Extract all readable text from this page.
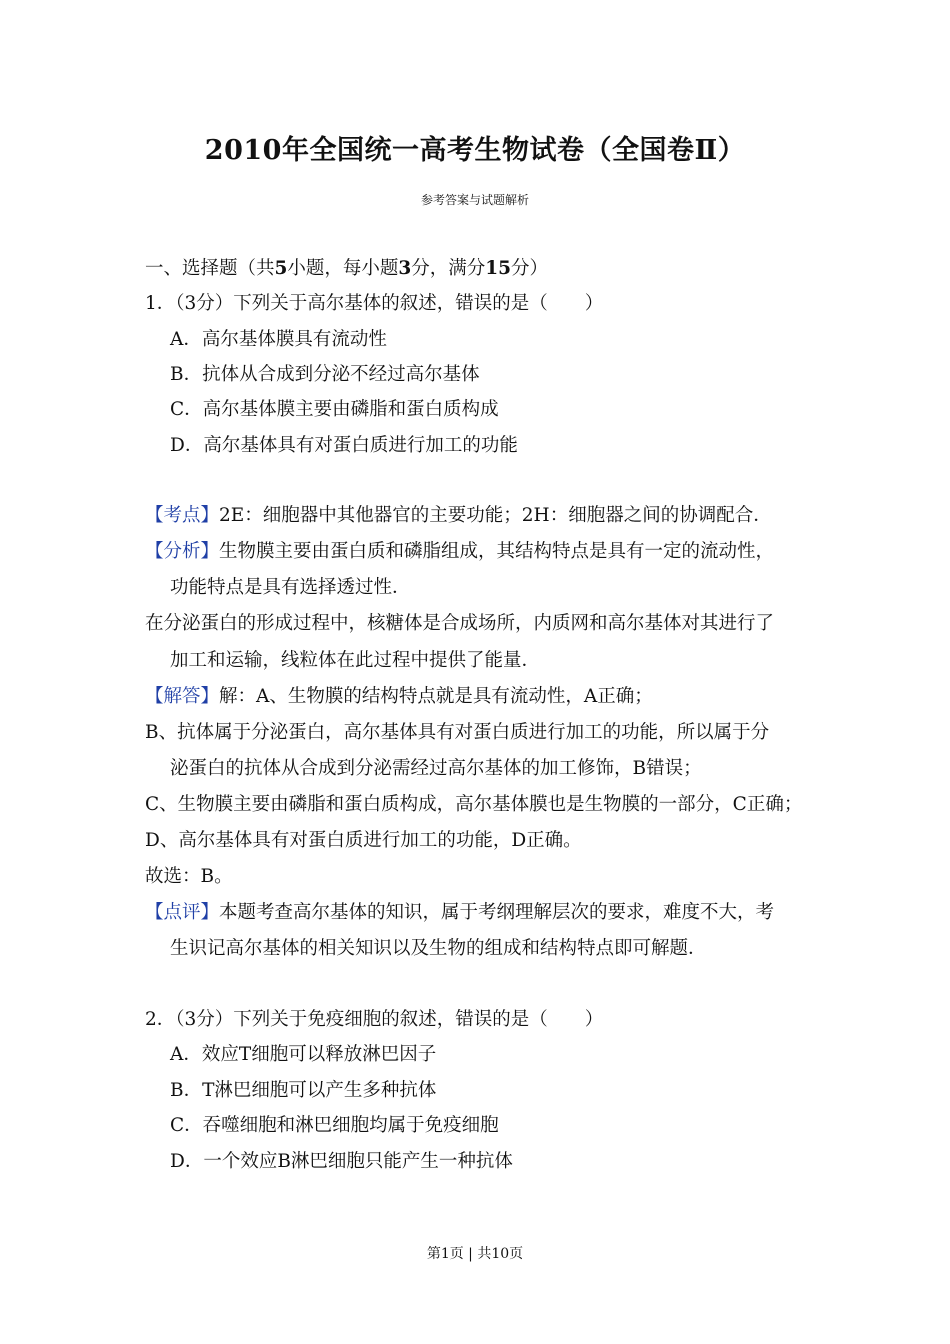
2010年全国统一高考生物试卷（全国卷Ⅱ）
参考答案与试题解析
一、选择题（共5小题，每小题3分，满分15分）
1．（3分）下列关于高尔基体的叙述，错误的是（　　）
A．高尔基体膜具有流动性
B．抗体从合成到分泌不经过高尔基体
C．高尔基体膜主要由磷脂和蛋白质构成
D．高尔基体具有对蛋白质进行加工的功能
【考点】2E：细胞器中其他器官的主要功能；2H：细胞器之间的协调配合．
【分析】生物膜主要由蛋白质和磷脂组成，其结构特点是具有一定的流动性，
功能特点是具有选择透过性．
在分泌蛋白的形成过程中，核糖体是合成场所，内质网和高尔基体对其进行了
加工和运输，线粒体在此过程中提供了能量．
【解答】解：A、生物膜的结构特点就是具有流动性，A正确；
B、抗体属于分泌蛋白，高尔基体具有对蛋白质进行加工的功能，所以属于分
泌蛋白的抗体从合成到分泌需经过高尔基体的加工修饰，B错误；
C、生物膜主要由磷脂和蛋白质构成，高尔基体膜也是生物膜的一部分，C正确；
D、高尔基体具有对蛋白质进行加工的功能，D正确。
故选：B。
【点评】本题考查高尔基体的知识，属于考纲理解层次的要求，难度不大，考
生识记高尔基体的相关知识以及生物的组成和结构特点即可解题．
2．（3分）下列关于免疫细胞的叙述，错误的是（　　）
A．效应T细胞可以释放淋巴因子
B．T淋巴细胞可以产生多种抗体
C．吞噬细胞和淋巴细胞均属于免疫细胞
D．一个效应B淋巴细胞只能产生一种抗体
第1页 | 共10页
